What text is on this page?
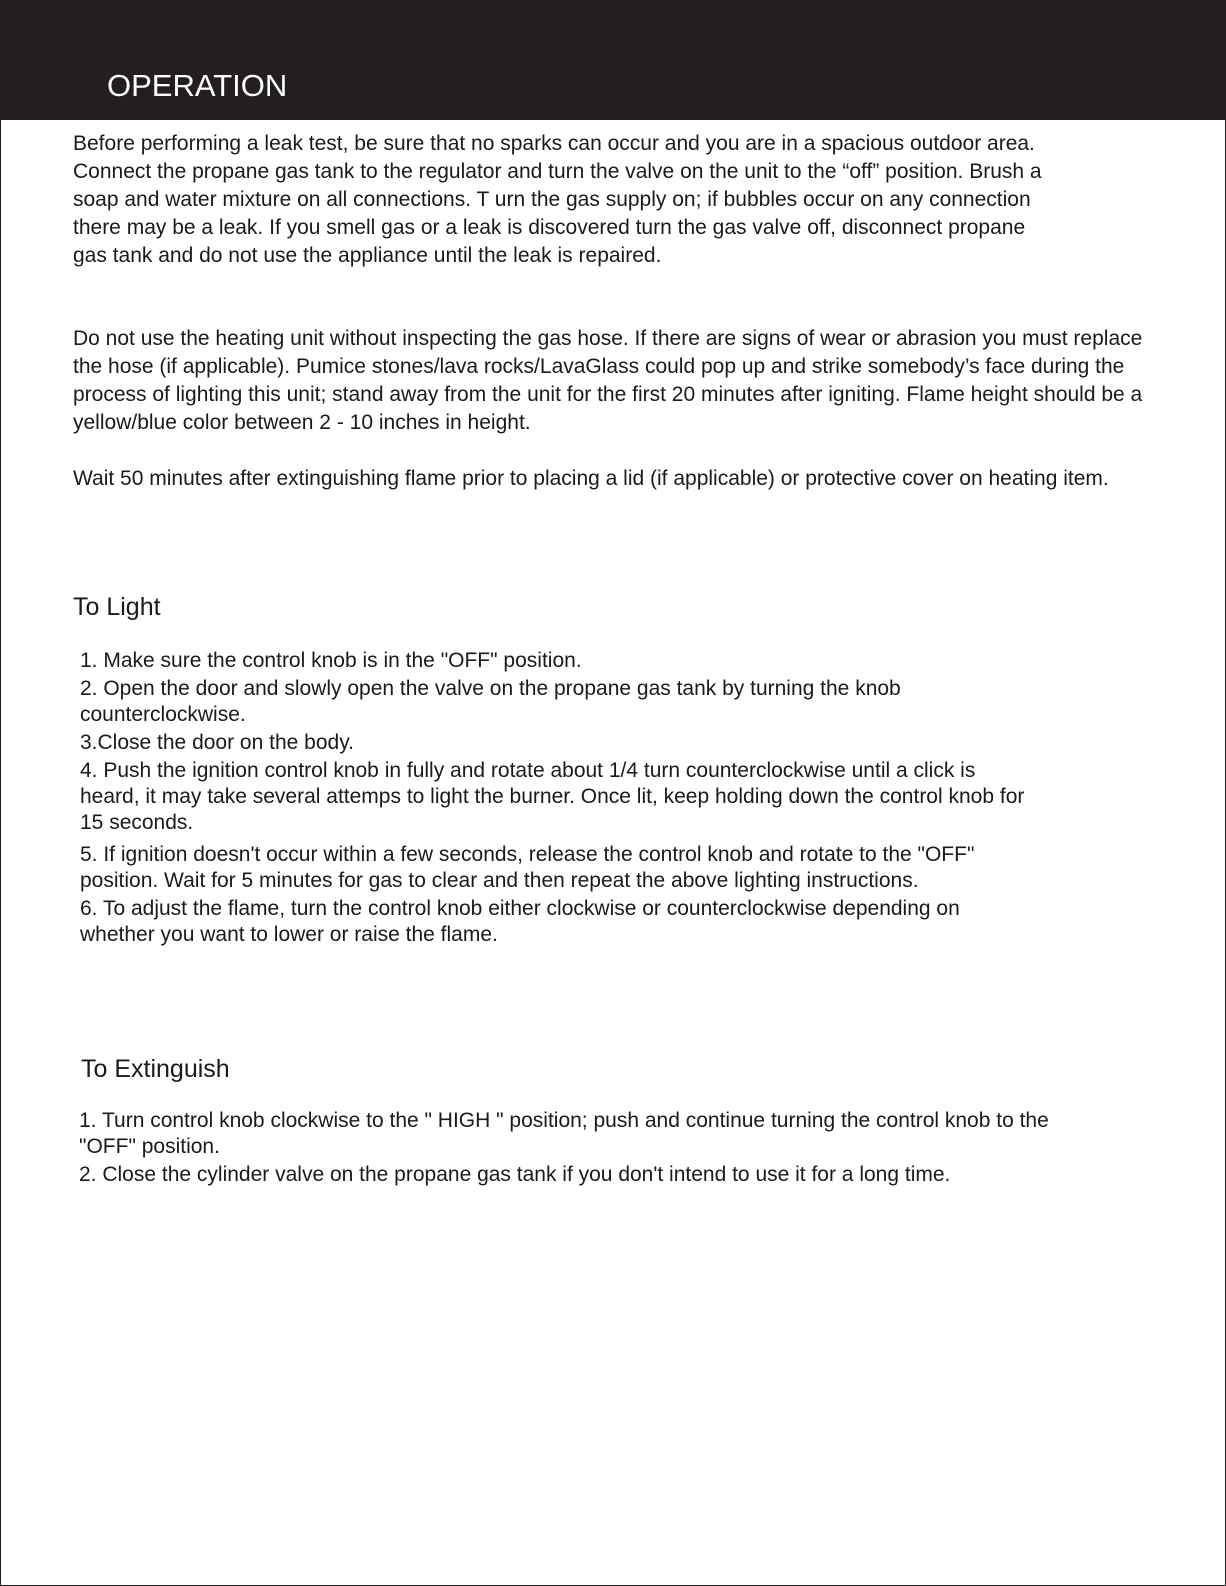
OPERATION

Before performing a leak test, be sure that no sparks can occur and you are in a spacious outdoor area. Connect the propane gas tank to the regulator and turn the valve on the unit to the “off” position. Brush a soap and water mixture on all connections. T urn the gas supply on; if bubbles occur on any connection there may be a leak. If you smell gas or a leak is discovered turn the gas valve off, disconnect propane gas tank and do not use the appliance until the leak is repaired.

Do not use the heating unit without inspecting the gas hose. If there are signs of wear or abrasion you must replace the hose (if applicable). Pumice stones/lava rocks/LavaGlass could pop up and strike somebody’s face during the process of lighting this unit; stand away from the unit for the first 20 minutes after igniting. Flame height should be a yellow/blue color between 2 - 10 inches in height.

Wait 50 minutes after extinguishing flame prior to placing a lid (if applicable) or protective cover on heating item.

To Light
1. Make sure the control knob is in the "OFF" position.
2. Open the door and slowly open the valve on the propane gas tank by turning the knob counterclockwise.
3.Close the door on the body.
4. Push the ignition control knob in fully and rotate about 1/4 turn counterclockwise until a click is heard, it may take several attemps to light the burner. Once lit, keep holding down the control knob for 15 seconds.
5. If ignition doesn't occur within a few seconds, release the control knob and rotate to the "OFF" position. Wait for 5 minutes for gas to clear and then repeat the above lighting instructions.
6. To adjust the flame, turn the control knob either clockwise or counterclockwise depending on whether you want to lower or raise the flame.
To Extinguish
1. Turn control knob clockwise to the " HIGH " position; push and continue turning the control knob to the "OFF" position.
2. Close the cylinder valve on the propane gas tank if you don't intend to use it for a long time.
